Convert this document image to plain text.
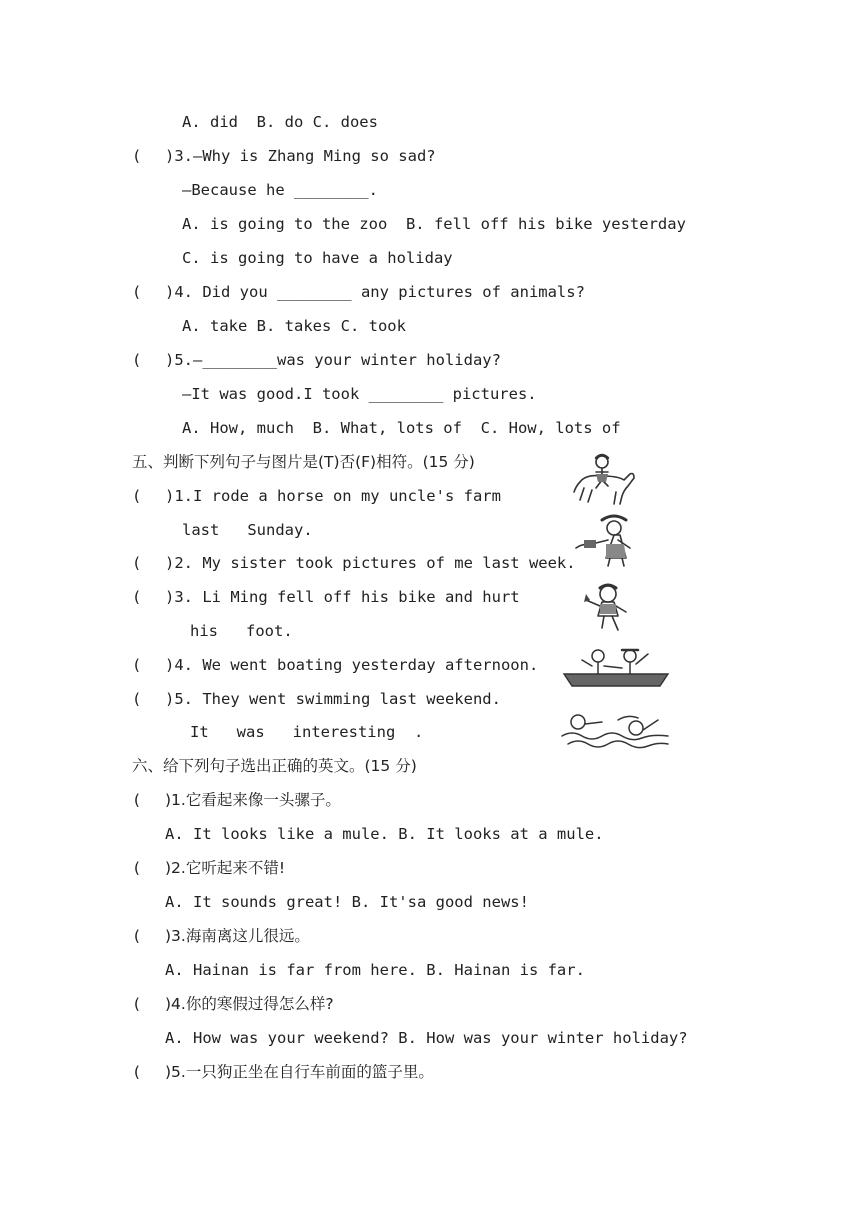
A. did  B. do C. does
( )3.—Why is Zhang Ming so sad?
—Because he ________.
A. is going to the zoo  B. fell off his bike yesterday
C. is going to have a holiday
( )4. Did you ________ any pictures of animals?
A. take B. takes C. took
( )5.—________was your winter holiday?
—It was good.I took ________ pictures.
A. How, much  B. What, lots of  C. How, lots of
五、判断下列句子与图片是(T)否(F)相符。(15 分)
( )1.I rode a horse on my uncle's farm
last   Sunday.
( )2. My sister took pictures of me last week.
( )3. Li Ming fell off his bike and hurt
his   foot.
( )4. We went boating yesterday afternoon.
( )5. They went swimming last weekend.
It   was   interesting  .
六、给下列句子选出正确的英文。(15 分)
( )1.它看起来像一头骡子。
A. It looks like a mule. B. It looks at a mule.
( )2.它听起来不错!
A. It sounds great! B. It'sa good news!
( )3.海南离这儿很远。
A. Hainan is far from here. B. Hainan is far.
( )4.你的寒假过得怎么样?
A. How was your weekend? B. How was your winter holiday?
( )5.一只狗正坐在自行车前面的篮子里。
